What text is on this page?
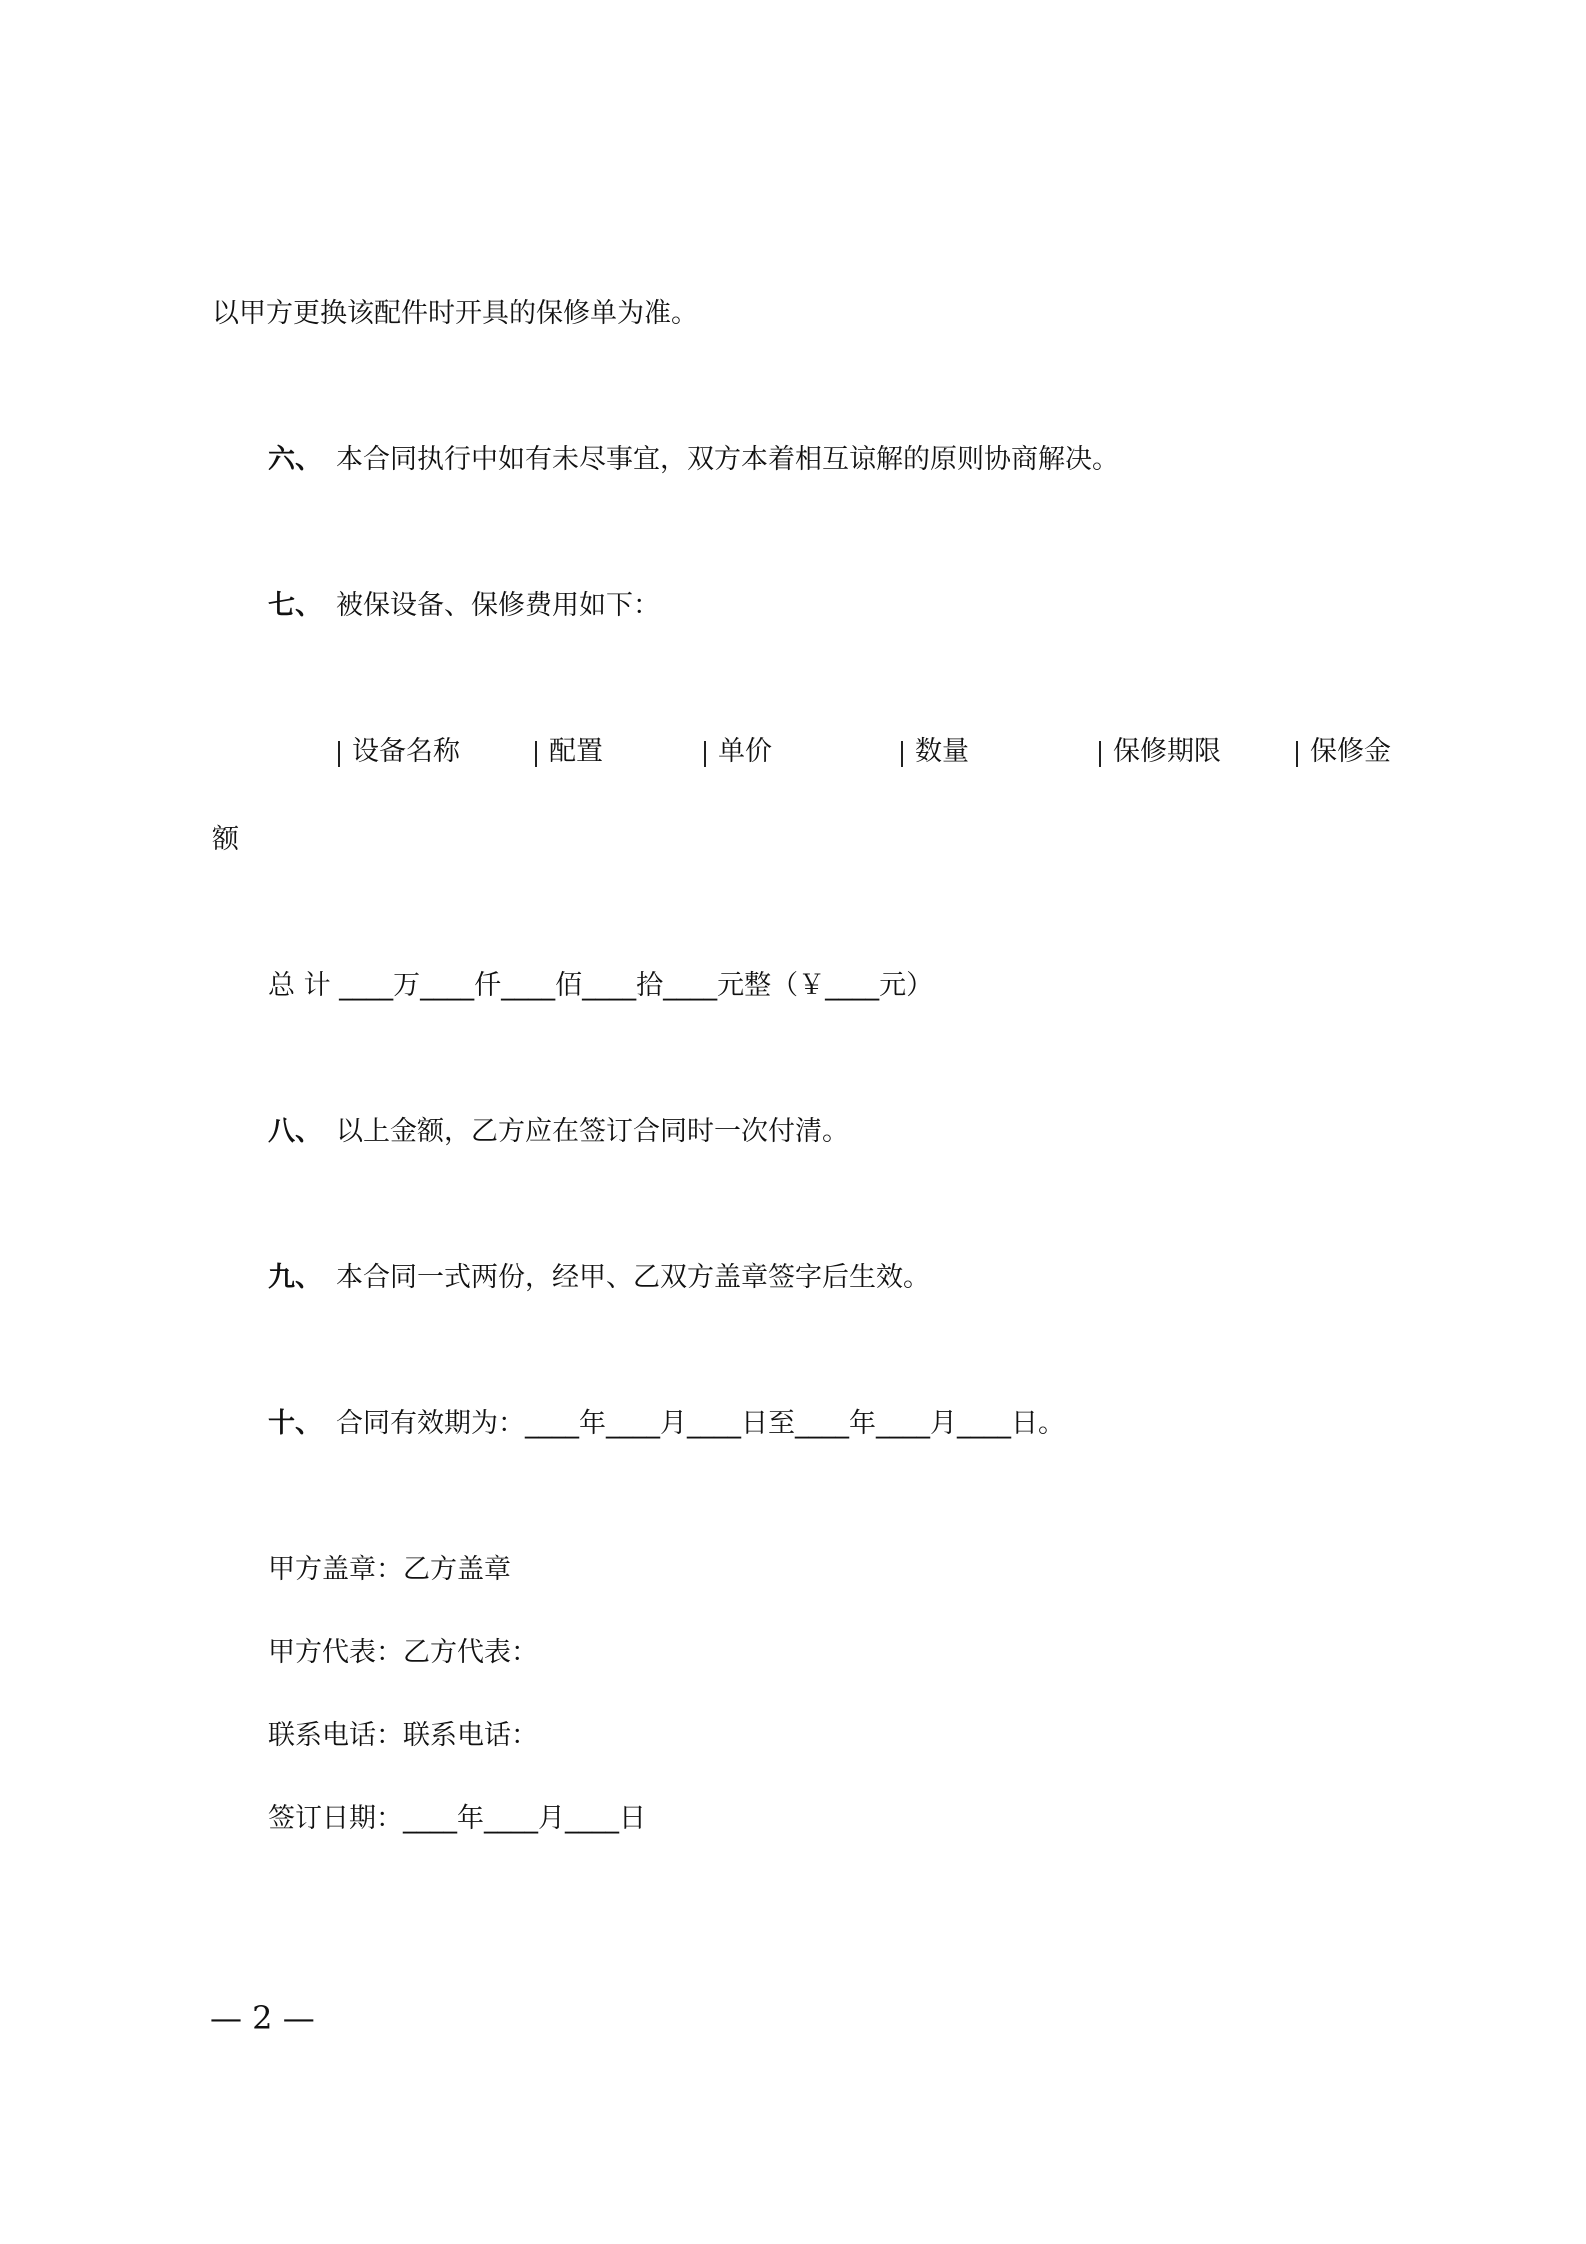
以甲方更换该配件时开具的保修单为准。
六、 本合同执行中如有未尽事宜，双方本着相互谅解的原则协商解决。
七、 被保设备、保修费用如下：
设备名称	配置	单价	数量	保修期限	保修金
额
总 计 ____万____仟____佰____拾____元整（￥____元）
八、 以上金额，乙方应在签订合同时一次付清。
九、 本合同一式两份，经甲、乙双方盖章签字后生效。
十、 合同有效期为：____年____月____日至____年____月____日。
甲方盖章：乙方盖章
甲方代表：乙方代表：
联系电话：联系电话：
签订日期：____年____月____日
— 2 —
